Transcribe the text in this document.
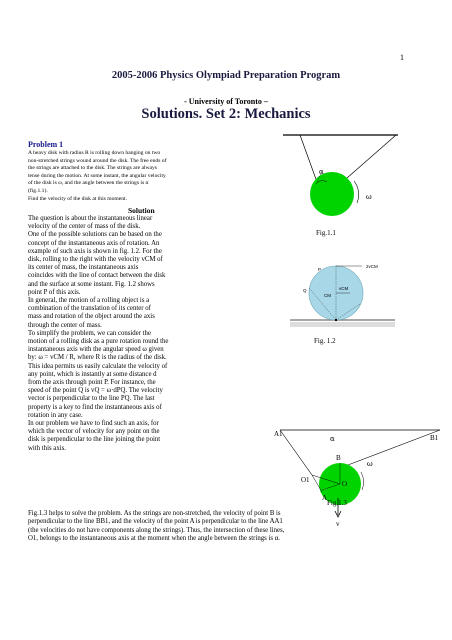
1
2005-2006 Physics Olympiad Preparation Program
- University of Toronto –
Solutions. Set 2: Mechanics
Problem 1
A heavy disk with radius R is rolling down hanging on two
non-stretched strings wound around the disk. The free ends of
the strings are attached to the disk. The strings are always
tense during the motion. At some instant, the angular velocity
of the disk is ω, and the angle between the strings is α
(fig.1.1).
Find the velocity of the disk at this moment.
Solution
The question is about the instantaneous linear
velocity of the center of mass of the disk.
One of the possible solutions can be based on the
concept of the instantaneous axis of rotation. An
example of such axis is shown in fig. 1.2. For the
disk, rolling to the right with the velocity vCM of
its center of mass, the instantaneous axis
coincides with the line of contact between the disk
and the surface at some instant. Fig. 1.2 shows
point P of this axis.
In general, the motion of a rolling object is a
combination of the translation of its center of
mass and rotation of the object around the axis
through the center of mass.
To simplify the problem, we can consider the
motion of a rolling disk as a pure rotation round the
instantaneous axis with the angular speed ω given
by: ω = vCM / R, where R is the radius of the disk.
This idea permits us easily calculate the velocity of
any point, which is instantly at some distance d
from the axis through point P. For instance, the
speed of the point Q is vQ = ω·dPQ. The velocity
vector is perpendicular to the line PQ. The last
property is a key to find the instantaneous axis of
rotation in any case.
In our problem we have to find such an axis, for
which the vector of velocity for any point on the
disk is perpendicular to the line joining the point
with this axis.
Fig.1.3 helps to solve the problem. As the strings are non-stretched, the velocity of point B is
perpendicular to the line BB1, and the velocity of the point A is perpendicular to the line AA1
(the velocities do not have components along the strings). Thus, the intersection of these lines,
O1, belongs to the instantaneous axis at the moment when the angle between the strings is α.
α
ω
Fig.1.1
P
Q
CM
vCM
2vCM
Fig. 1.2
A1	B1
α
B
ω
O1	O
A
v
Fig.1.3
